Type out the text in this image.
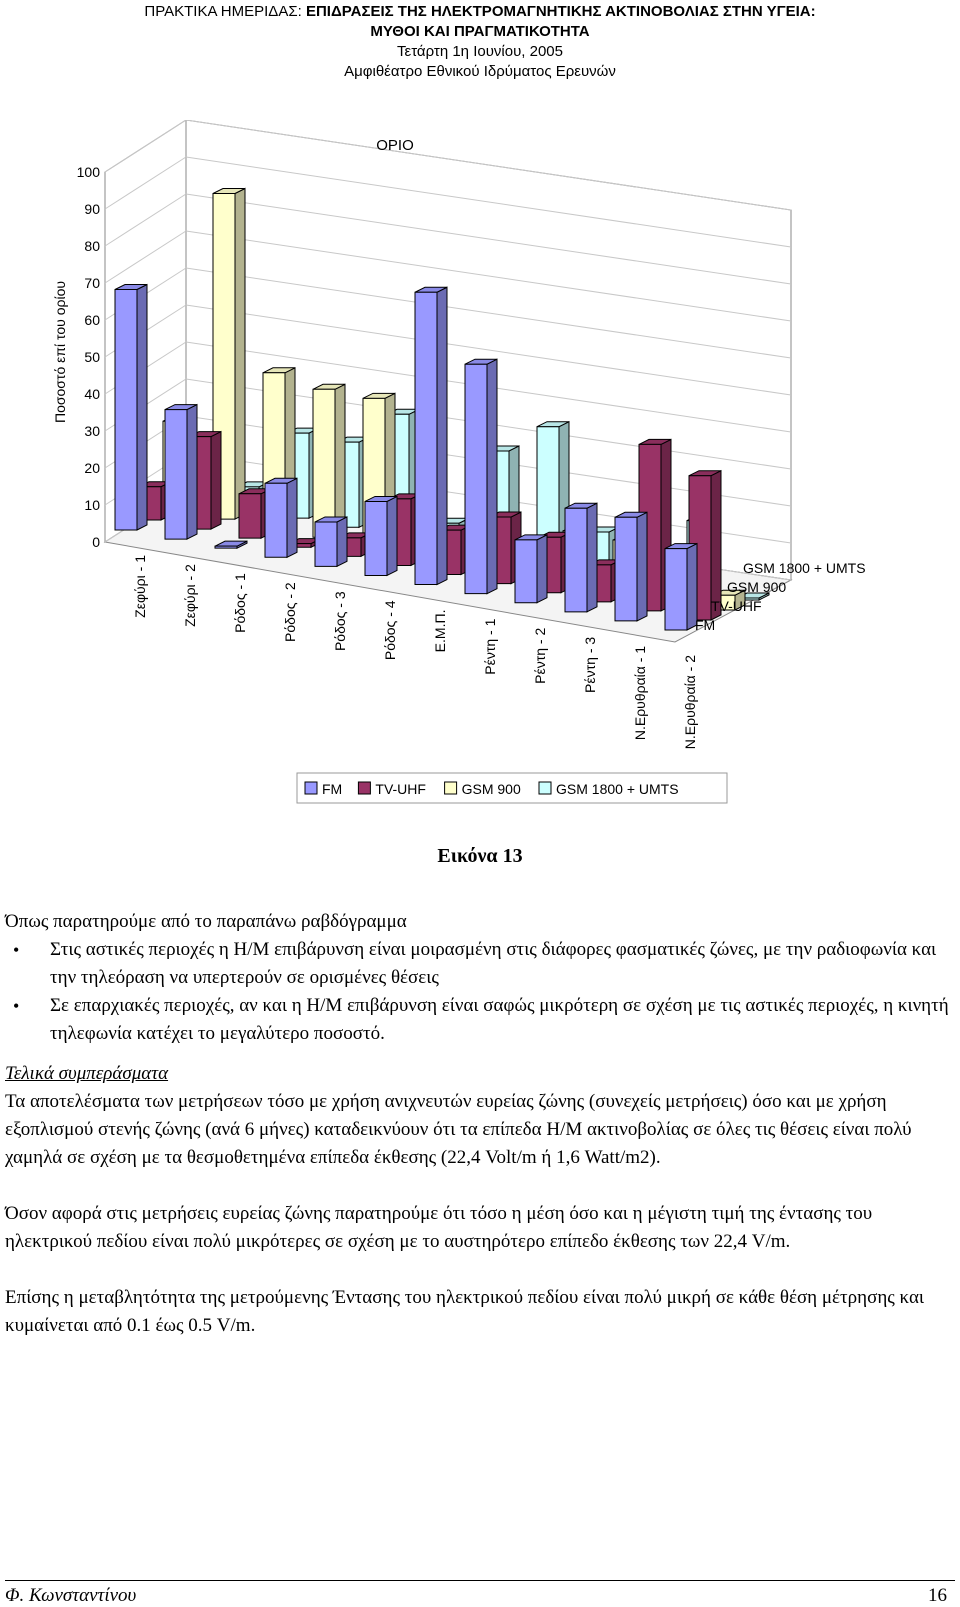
ΠΡΑΚΤΙΚΑ ΗΜΕΡΙΔΑΣ: ΕΠΙΔΡΑΣΕΙΣ ΤΗΣ ΗΛΕΚΤΡΟΜΑΓΝΗΤΙΚΗΣ ΑΚΤΙΝΟΒΟΛΙΑΣ ΣΤΗΝ ΥΓΕΙΑ:
ΜΥΘΟΙ ΚΑΙ ΠΡΑΓΜΑΤΙΚΟΤΗΤΑ
Τετάρτη 1η Ιουνίου, 2005
Αμφιθέατρο Εθνικού Ιδρύματος Ερευνών
0
10
20
30
40
50
60
70
80
90
100
Ποσοστό επί του ορίου
ΟΡΙΟ
Ζεφύρι - 1 Ζεφύρι - 2 Ρόδος - 1 Ρόδος - 2 Ρόδος - 3 Ρόδος - 4 Ε.Μ.Π. Ρέντη - 1 Ρέντη - 2 Ρέντη - 3 Ν.Ερυθραία - 1 Ν.Ερυθραία - 2
FM
TV-UHF
GSM 900
GSM 1800 + UMTS
FM TV-UHF	GSM 900	GSM 1800 + UMTS
Εικόνα 13

Όπως παρατηρούμε από το παραπάνω ραβδόγραμμα

• Στις αστικές περιοχές η Η/Μ επιβάρυνση είναι μοιρασμένη στις διάφορες φασματικές ζώνες, με την ραδιοφωνία και την τηλεόραση να υπερτερούν σε ορισμένες θέσεις
• Σε επαρχιακές περιοχές, αν και η Η/Μ επιβάρυνση είναι σαφώς μικρότερη σε σχέση με τις αστικές περιοχές, η κινητή τηλεφωνία κατέχει το μεγαλύτερο ποσοστό.

Τελικά συμπεράσματα

Τα αποτελέσματα των μετρήσεων τόσο με χρήση ανιχνευτών ευρείας ζώνης (συνεχείς μετρήσεις) όσο και με χρήση εξοπλισμού στενής ζώνης (ανά 6 μήνες) καταδεικνύουν ότι τα επίπεδα Η/Μ ακτινοβολίας σε όλες τις θέσεις είναι πολύ χαμηλά σε σχέση με τα θεσμοθετημένα επίπεδα έκθεσης (22,4 Volt/m ή 1,6 Watt/m2).

Όσον αφορά στις μετρήσεις ευρείας ζώνης παρατηρούμε ότι τόσο η μέση όσο και η μέγιστη τιμή της έντασης του ηλεκτρικού πεδίου είναι πολύ μικρότερες σε σχέση με το αυστηρότερο επίπεδο έκθεσης των 22,4 V/m.

Επίσης η μεταβλητότητα της μετρούμενης Έντασης του ηλεκτρικού πεδίου είναι πολύ μικρή σε κάθε θέση μέτρησης και κυμαίνεται από 0.1 έως 0.5 V/m.

Φ. Κωνσταντίνου	16
